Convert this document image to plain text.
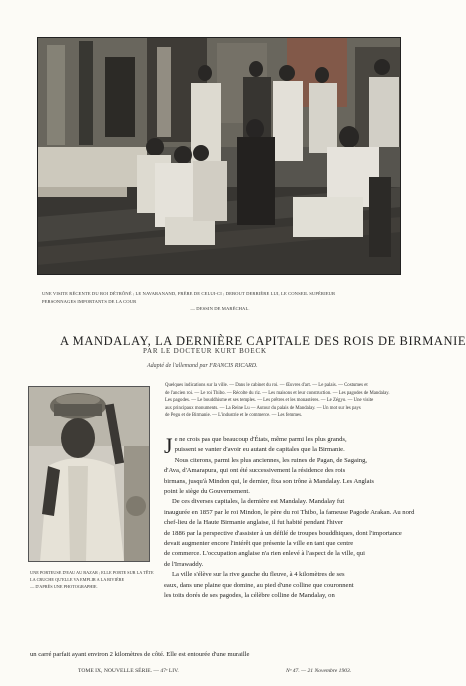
UNE VISITE RÉCENTE DU ROI DÉTRÔNÉ ; LE NAVARANAND, FRÈRE DE CELUI-CI ; DEBOUT DERRIÈRE LUI, LE CONSEIL SUPÉRIEUR
PERSONNAGES IMPORTANTS DE LA COUR
— DESSIN DE MARÉCHAL.
A MANDALAY, LA DERNIÈRE CAPITALE DES ROIS DE BIRMANIE
PAR LE DOCTEUR KURT BOECK
Adapté de l'allemand par FRANCIS RICARD.
UNE PORTEUSE D'EAU AU BAZAR ; ELLE PORTE SUR LA TÊTE
LA CRUCHE QU'ELLE VA EMPLIR A LA RIVIÈRE
— D'APRÈS UNE PHOTOGRAPHIE.
Quelques indications sur la ville. — Dans le cabinet du roi. — Œuvres d'art. — Le palais. — Costumes et
de l'ancien roi. — Le roi Thibo. — Récolte du riz. — Les maisons et leur construction. — Les pagodes de Mandalay.
Les pagodes. — Le bouddhisme et ses temples. — Les prêtres et les monastères. — Le Zégyo. — Une visite
aux principaux monuments. — La Reine Lu — Autour du palais de Mandalay. — Un mot sur les pays
de Pegu et de Birmanie. — L'industrie et le commerce. — Les femmes.
Je ne crois pas que beaucoup d'États, même parmi les plus grands,
puissent se vanter d'avoir eu autant de capitales que la Birmanie.
Nous citerons, parmi les plus anciennes, les ruines de Pagan, de Sagaing,
d'Ava, d'Amarapura, qui ont été successivement la résidence des rois
birmans, jusqu'à Mindon qui, le dernier, fixa son trône à Mandalay. Les Anglais
point le siège du Gouvernement.
De ces diverses capitales, la dernière est Mandalay. Mandalay fut
inaugurée en 1857 par le roi Mindon, le père du roi Thibo, la fameuse Pagode Arakan. Au nord
chef-lieu de la Haute Birmanie anglaise, il fut habité pendant l'hiver
de 1886 par la perspective d'assister à un défilé de troupes bouddhiques, dont l'importance
devait augmenter encore l'intérêt que présente la ville en tant que centre
de commerce. L'occupation anglaise n'a rien enlevé à l'aspect de la ville, qui
de l'Irrawaddy.
La ville s'élève sur la rive gauche du fleuve, à 4 kilomètres de ses
eaux, dans une plaine que domine, au pied d'une colline que couronnent
les toits dorés de ses pagodes, la célèbre colline de Mandalay, on
un carré parfait ayant environ 2 kilomètres de côté. Elle est entourée d'une muraille
TOME IX, NOUVELLE SÉRIE. — 47ᵉ LIV.	Nᵒ 47. — 21 Novembre 1903.
